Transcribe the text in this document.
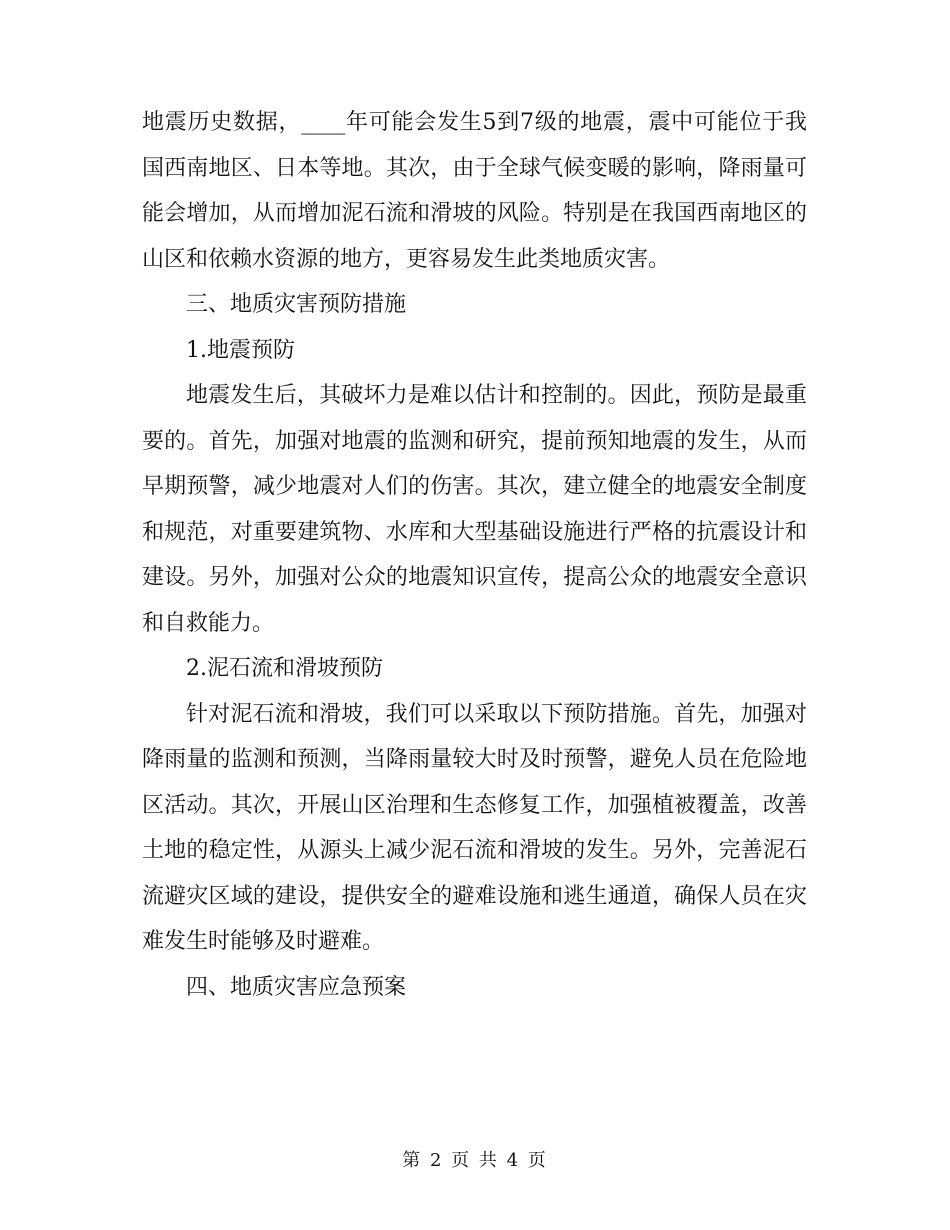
地震历史数据，____年可能会发生5到7级的地震，震中可能位于我国西南地区、日本等地。其次，由于全球气候变暖的影响，降雨量可能会增加，从而增加泥石流和滑坡的风险。特别是在我国西南地区的山区和依赖水资源的地方，更容易发生此类地质灾害。

三、地质灾害预防措施

1.地震预防

地震发生后，其破坏力是难以估计和控制的。因此，预防是最重要的。首先，加强对地震的监测和研究，提前预知地震的发生，从而早期预警，减少地震对人们的伤害。其次，建立健全的地震安全制度和规范，对重要建筑物、水库和大型基础设施进行严格的抗震设计和建设。另外，加强对公众的地震知识宣传，提高公众的地震安全意识和自救能力。

2.泥石流和滑坡预防

针对泥石流和滑坡，我们可以采取以下预防措施。首先，加强对降雨量的监测和预测，当降雨量较大时及时预警，避免人员在危险地区活动。其次，开展山区治理和生态修复工作，加强植被覆盖，改善土地的稳定性，从源头上减少泥石流和滑坡的发生。另外，完善泥石流避灾区域的建设，提供安全的避难设施和逃生通道，确保人员在灾难发生时能够及时避难。

四、地质灾害应急预案

第 2 页 共 4 页
